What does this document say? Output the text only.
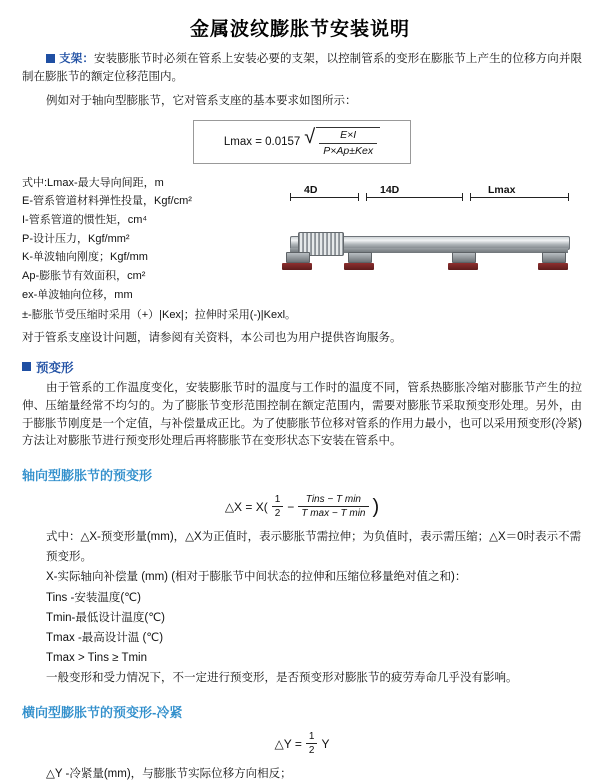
金属波纹膨胀节安装说明

支架：安装膨胀节时必须在管系上安装必要的支架，以控制管系的变形在膨胀节上产生的位移方向并限制在膨胀节的额定位移范围内。

例如对于轴向型膨胀节，它对管系支座的基本要求如图所示：

Lmax = 0.0157 √ $\frac{E\times I}{\text{P×Ap±Kex}}$
式中:Lmax-最大导向间距，m
E-管系管道材料弹性投量，Kgf/cm²
I-管系管道的惯性矩，cm⁴
P-设计压力，Kgf/mm²
K-单波轴向刚度；Kgf/mm
Ap-膨胀节有效面积，cm²
ex-单波轴向位移，mm
4D	14D	Lmax
±-膨胀节受压缩时采用（+）|Kex|；拉伸时采用(-)|Kexl。

对于管系支座设计问题，请参阅有关资料，本公司也为用户提供咨询服务。

预变形

由于管系的工作温度变化，安装膨胀节时的温度与工作时的温度不同，管系热膨胀冷缩对膨胀节产生的拉伸、压缩量经常不均匀的。为了膨胀节变形范围控制在额定范围内，需要对膨胀节采取预变形处理。另外，由于膨胀节刚度是一个定值，与补偿量成正比。为了使膨胀节位移对管系的作用力最小，也可以采用预变形(冷紧)方法让对膨胀节进行预变形处理后再将膨胀节在变形状态下安装在管系中。

轴向型膨胀节的预变形
△X = $X( \frac{1}{2} - \frac{\text{Tins − T min}}{\text{T max − T min}}$ )
式中：△X-预变形量(mm)，△X为正值时，表示膨胀节需拉伸；为负值时，表示需压缩；△X＝0时表示不需预变形。
X-实际轴向补偿量 (mm) (相对于膨胀节中间状态的拉伸和压缩位移量绝对值之和)：
Tins -安装温度(℃)
Tmin-最低设计温度(℃)
Tmax -最高设计温 (℃)
Tmax > Tins ≥ Tmin
一般变形和受力情况下，不一定进行预变形，是否预变形对膨胀节的疲劳寿命几乎没有影响。
横向型膨胀节的预变形-冷紧
△Y = $\frac{1}{2}$ Y
△Y -冷紧量(mm)，与膨胀节实际位移方向相反；
